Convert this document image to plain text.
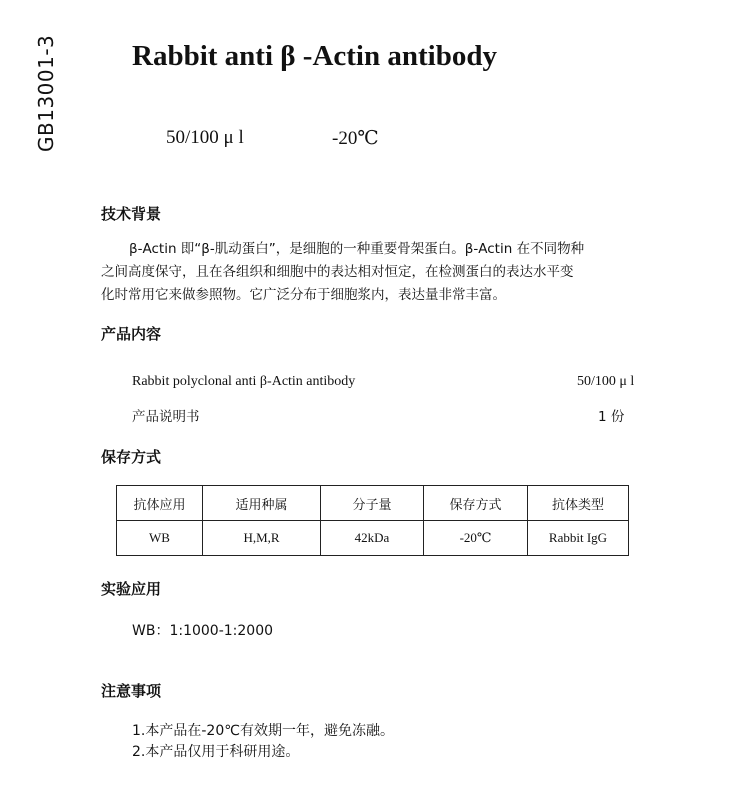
GB13001-3	Rabbit anti β -Actin antibody
50/100 μ l	-20℃
技术背景
β-Actin 即“β-肌动蛋白”，是细胞的一种重要骨架蛋白。β-Actin 在不同物种
之间高度保守，且在各组织和细胞中的表达相对恒定，在检测蛋白的表达水平变
化时常用它来做参照物。它广泛分布于细胞浆内，表达量非常丰富。
产品内容
Rabbit polyclonal anti β-Actin antibody	50/100 μ l
产品说明书	1 份
保存方式
抗体应用	适用种属	分子量	保存方式	抗体类型
WB	H,M,R	42kDa	-20℃	Rabbit IgG
实验应用
WB：1:1000-1:2000
注意事项
1.本产品在-20℃有效期一年，避免冻融。
2.本产品仅用于科研用途。
